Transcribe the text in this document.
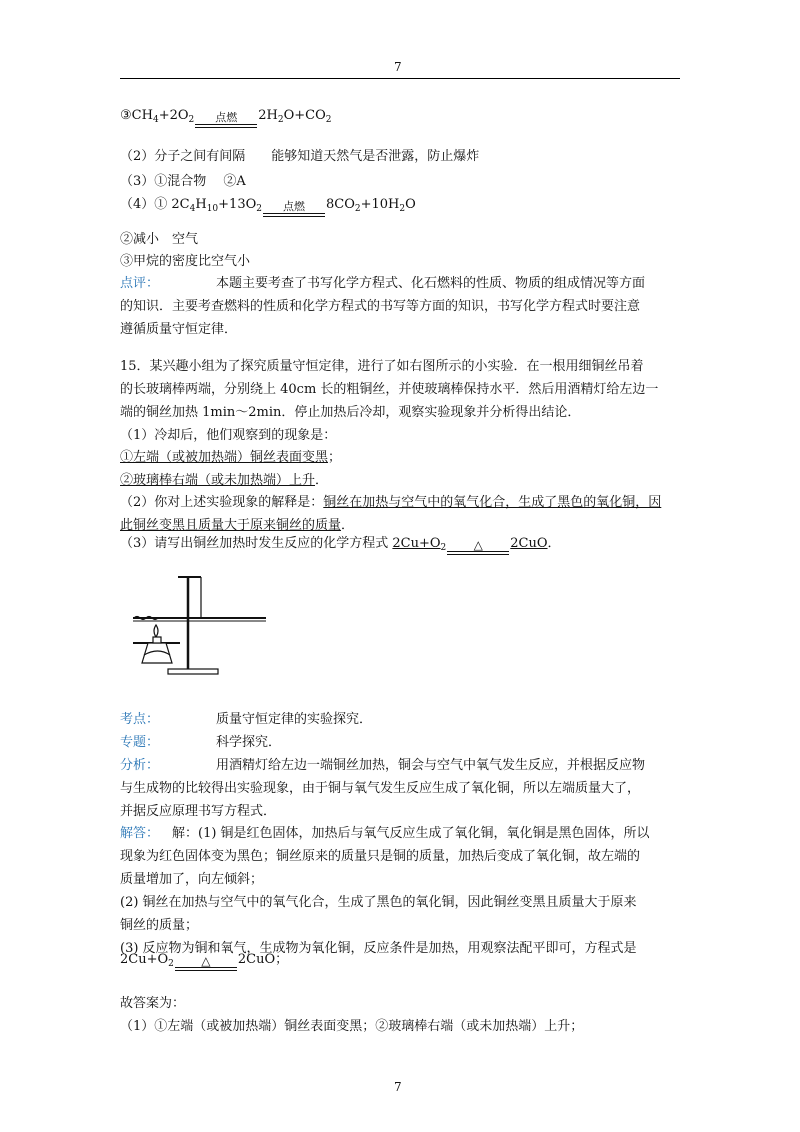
7
$③CH_4+2O_2$ 点燃 $2H_2O+CO_2$
（2）分子之间有间隔　　能够知道天然气是否泄露，防止爆炸
（3）①混合物　 ②A
（4）① $2C_4H_{10}+13O_2$ 点燃 $8CO_2+10H_2O$
②减小　空气
③甲烷的密度比空气小
点评：	本题主要考查了书写化学方程式、化石燃料的性质、物质的组成情况等方面
的知识．主要考查燃料的性质和化学方程式的书写等方面的知识，书写化学方程式时要注意
遵循质量守恒定律．
15．某兴趣小组为了探究质量守恒定律，进行了如右图所示的小实验．在一根用细铜丝吊着
的长玻璃棒两端，分别绕上 40cm 长的粗铜丝，并使玻璃棒保持水平．然后用酒精灯给左边一
端的铜丝加热 1min～2min．停止加热后冷却，观察实验现象并分析得出结论．
（1）冷却后，他们观察到的现象是：
①左端（或被加热端）铜丝表面变黑；
②玻璃棒右端（或未加热端）上升．
（2）你对上述实验现象的解释是：铜丝在加热与空气中的氧气化合，生成了黑色的氧化铜，因
此铜丝变黑且质量大于原来铜丝的质量．
（3）请写出铜丝加热时发生反应的化学方程式 $2Cu+O_2$ △ 2CuO．
考点：	质量守恒定律的实验探究．
专题：	科学探究．
分析：	用酒精灯给左边一端铜丝加热，铜会与空气中氧气发生反应，并根据反应物
与生成物的比较得出实验现象，由于铜与氧气发生反应生成了氧化铜，所以左端质量大了，
并据反应原理书写方程式．
解答： 解：(1) 铜是红色固体，加热后与氧气反应生成了氧化铜，氧化铜是黑色固体，所以
现象为红色固体变为黑色；铜丝原来的质量只是铜的质量，加热后变成了氧化铜，故左端的
质量增加了，向左倾斜；
(2) 铜丝在加热与空气中的氧气化合，生成了黑色的氧化铜，因此铜丝变黑且质量大于原来
铜丝的质量；
(3) 反应物为铜和氧气，生成物为氧化铜，反应条件是加热，用观察法配平即可，方程式是
$2Cu+O_2$ △ 2CuO；
故答案为：
（1）①左端（或被加热端）铜丝表面变黑；②玻璃棒右端（或未加热端）上升；
7
